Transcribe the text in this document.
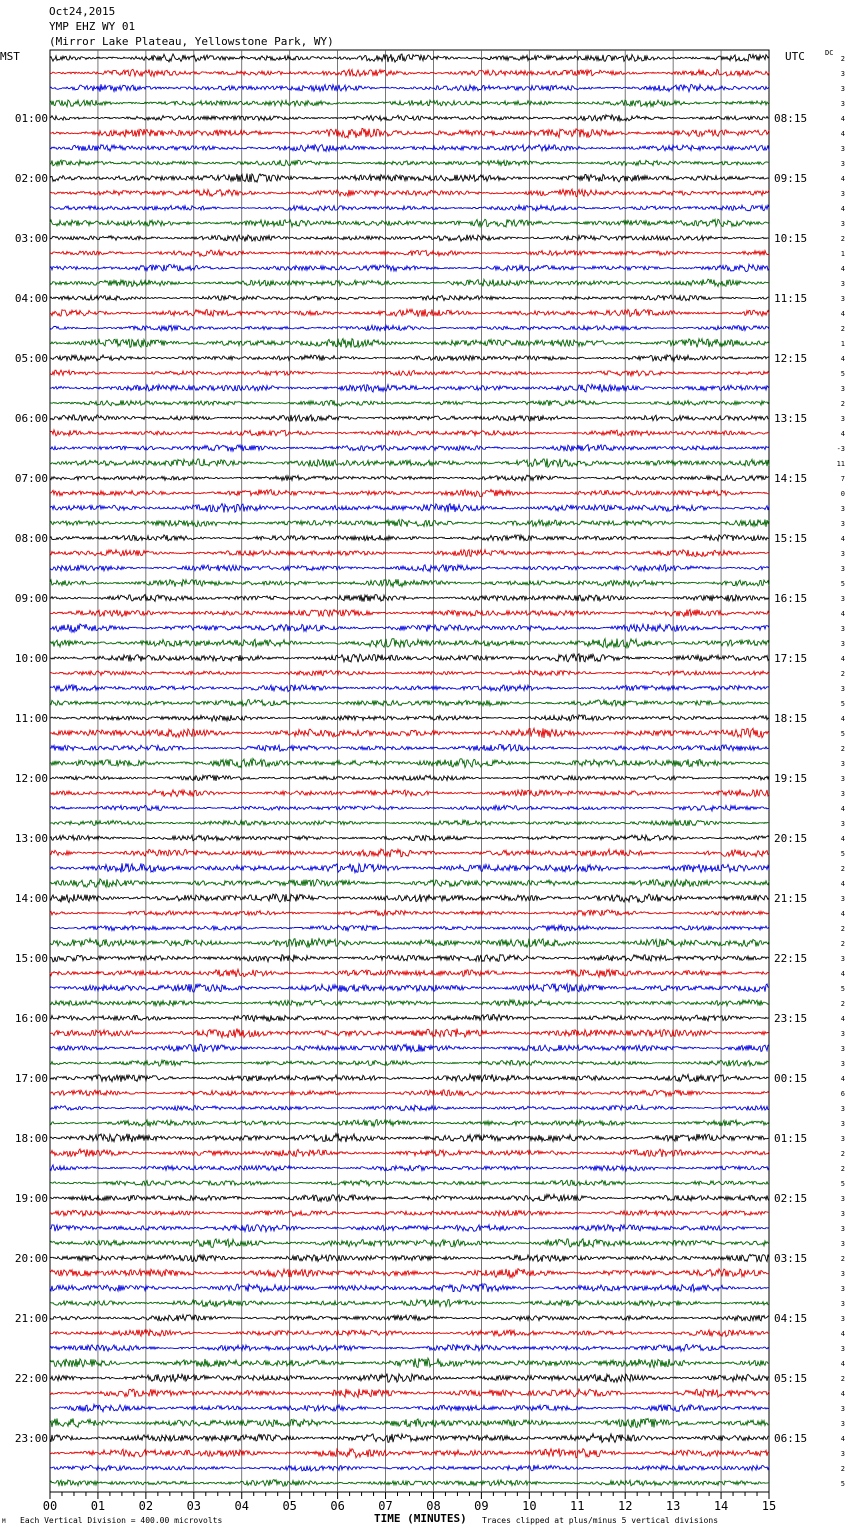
01:00
02:00
03:00
04:00
05:00
06:00
07:00
08:00
09:00
10:00
11:00
12:00
13:00
14:00
15:00
16:00
17:00
18:00
19:00
20:00
21:00
22:00
23:00
08:15
09:15
10:15
11:15
12:15
13:15
14:15
15:15
16:15
17:15
18:15
19:15
20:15
21:15
22:15
23:15
00:15
01:15
02:15
03:15
04:15
05:15
06:15
2
3
3
3
4
4
3
3
4
3
4
3
2
1
4
3
3
4
2
1
4
5
3
2
3
4
-3
11
7
0
3
3
4
3
3
5
3
4
3
3
4
2
3
5
4
5
2
3
3
3
4
3
4
5
2
4
3
4
2
2
3
4
5
2
4
3
3
3
4
6
3
3
3
2
2
5
3
3
3
3
2
3
3
3
3
4
3
4
2
4
3
3
4
3
2
5
00	01	02	03	04	05	06	07	08	09	10	11	12	13	14	15
Oct24,2015
YMP EHZ WY 01
(Mirror Lake Plateau, Yellowstone Park, WY)
MST	UTC	DC
M Each Vertical Division = 400.00 microvolts	TIME (MINUTES) Traces clipped at plus/minus 5 vertical divisions
